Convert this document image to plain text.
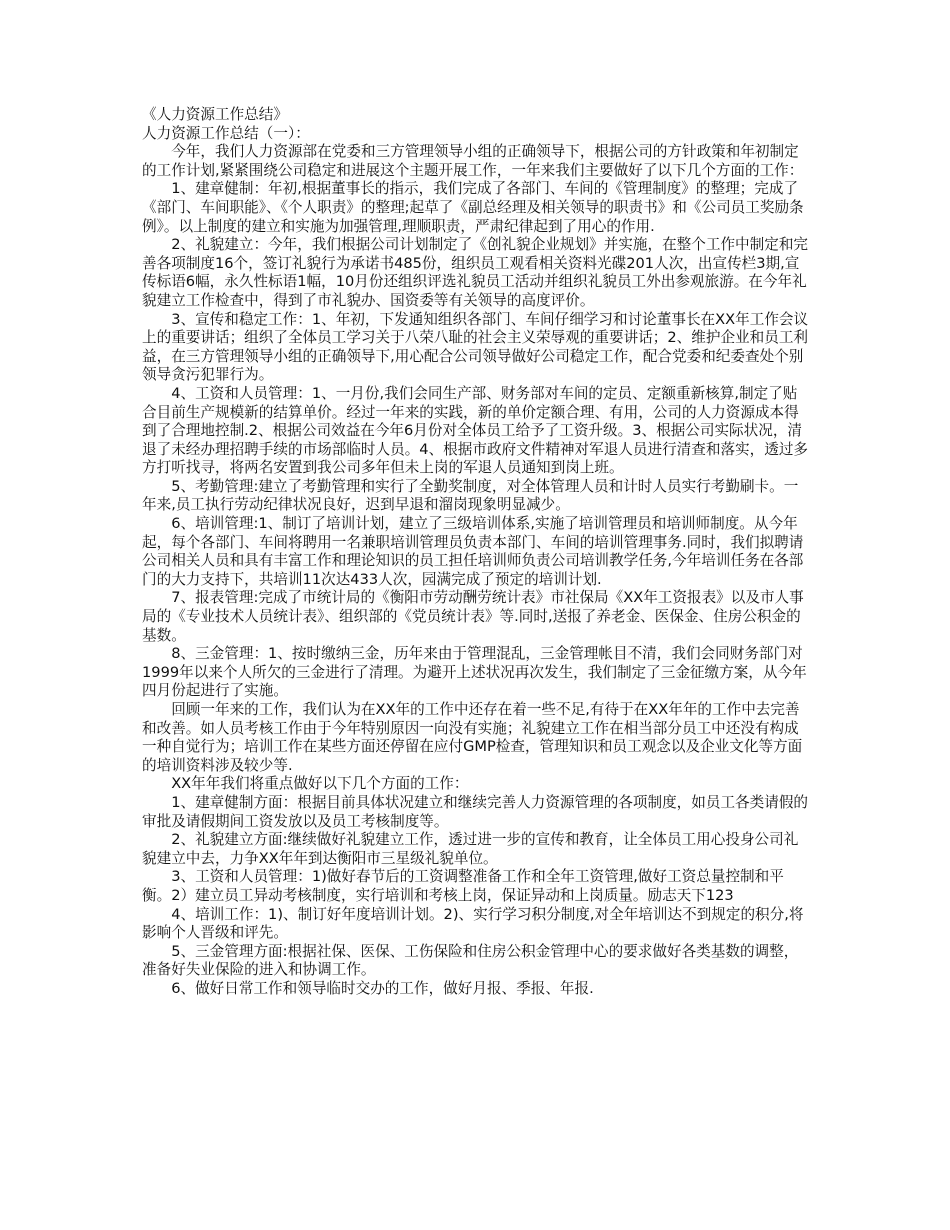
《人力资源工作总结》

人力资源工作总结（一）：

今年，我们人力资源部在党委和三方管理领导小组的正确领导下，根据公司的方针政策和年初制定的工作计划,紧紧围绕公司稳定和进展这个主题开展工作，一年来我们主要做好了以下几个方面的工作：

1、建章健制：年初,根据董事长的指示，我们完成了各部门、车间的《管理制度》的整理；完成了《部门、车间职能》、《个人职责》的整理;起草了《副总经理及相关领导的职责书》和《公司员工奖励条例》。以上制度的建立和实施为加强管理,理顺职责，严肃纪律起到了用心的作用.

2、礼貌建立：今年，我们根据公司计划制定了《创礼貌企业规划》并实施，在整个工作中制定和完善各项制度16个，签订礼貌行为承诺书485份，组织员工观看相关资料光碟201人次，出宣传栏3期,宣传标语6幅，永久性标语1幅，10月份还组织评选礼貌员工活动并组织礼貌员工外出参观旅游。在今年礼貌建立工作检查中，得到了市礼貌办、国资委等有关领导的高度评价。

3、宣传和稳定工作：1、年初，下发通知组织各部门、车间仔细学习和讨论董事长在XX年工作会议上的重要讲话；组织了全体员工学习关于八荣八耻的社会主义荣辱观的重要讲话；2、维护企业和员工利益，在三方管理领导小组的正确领导下,用心配合公司领导做好公司稳定工作，配合党委和纪委查处个别领导贪污犯罪行为。

4、工资和人员管理：1、一月份,我们会同生产部、财务部对车间的定员、定额重新核算,制定了贴合目前生产规模新的结算单价。经过一年来的实践，新的单价定额合理、有用，公司的人力资源成本得到了合理地控制.2、根据公司效益在今年6月份对全体员工给予了工资升级。3、根据公司实际状况，清退了未经办理招聘手续的市场部临时人员。4、根据市政府文件精神对军退人员进行清查和落实，透过多方打听找寻，将两名安置到我公司多年但未上岗的军退人员通知到岗上班。

5、考勤管理:建立了考勤管理和实行了全勤奖制度，对全体管理人员和计时人员实行考勤刷卡。一年来,员工执行劳动纪律状况良好，迟到早退和溜岗现象明显减少。

6、培训管理:1、制订了培训计划，建立了三级培训体系,实施了培训管理员和培训师制度。从今年起，每个各部门、车间将聘用一名兼职培训管理员负责本部门、车间的培训管理事务.同时，我们拟聘请公司相关人员和具有丰富工作和理论知识的员工担任培训师负责公司培训教学任务,今年培训任务在各部门的大力支持下，共培训11次达433人次，园满完成了预定的培训计划.

7、报表管理:完成了市统计局的《衡阳市劳动酬劳统计表》市社保局《XX年工资报表》以及市人事局的《专业技术人员统计表》、组织部的《党员统计表》等.同时,送报了养老金、医保金、住房公积金的基数。

8、三金管理：1、按时缴纳三金，历年来由于管理混乱，三金管理帐目不清，我们会同财务部门对1999年以来个人所欠的三金进行了清理。为避开上述状况再次发生，我们制定了三金征缴方案，从今年四月份起进行了实施。

回顾一年来的工作，我们认为在XX年的工作中还存在着一些不足,有待于在XX年年的工作中去完善和改善。如人员考核工作由于今年特别原因一向没有实施；礼貌建立工作在相当部分员工中还没有构成一种自觉行为；培训工作在某些方面还停留在应付GMP检查，管理知识和员工观念以及企业文化等方面的培训资料涉及较少等.

XX年年我们将重点做好以下几个方面的工作：

1、建章健制方面：根据目前具体状况建立和继续完善人力资源管理的各项制度，如员工各类请假的审批及请假期间工资发放以及员工考核制度等。

2、礼貌建立方面:继续做好礼貌建立工作，透过进一步的宣传和教育，让全体员工用心投身公司礼貌建立中去，力争XX年年到达衡阳市三星级礼貌单位。

3、工资和人员管理：1)做好春节后的工资调整准备工作和全年工资管理,做好工资总量控制和平衡。2）建立员工异动考核制度，实行培训和考核上岗，保证异动和上岗质量。励志天下123

4、培训工作：1)、制订好年度培训计划。2)、实行学习积分制度,对全年培训达不到规定的积分,将影响个人晋级和评先。

5、三金管理方面:根据社保、医保、工伤保险和住房公积金管理中心的要求做好各类基数的调整，准备好失业保险的进入和协调工作。

6、做好日常工作和领导临时交办的工作，做好月报、季报、年报.
